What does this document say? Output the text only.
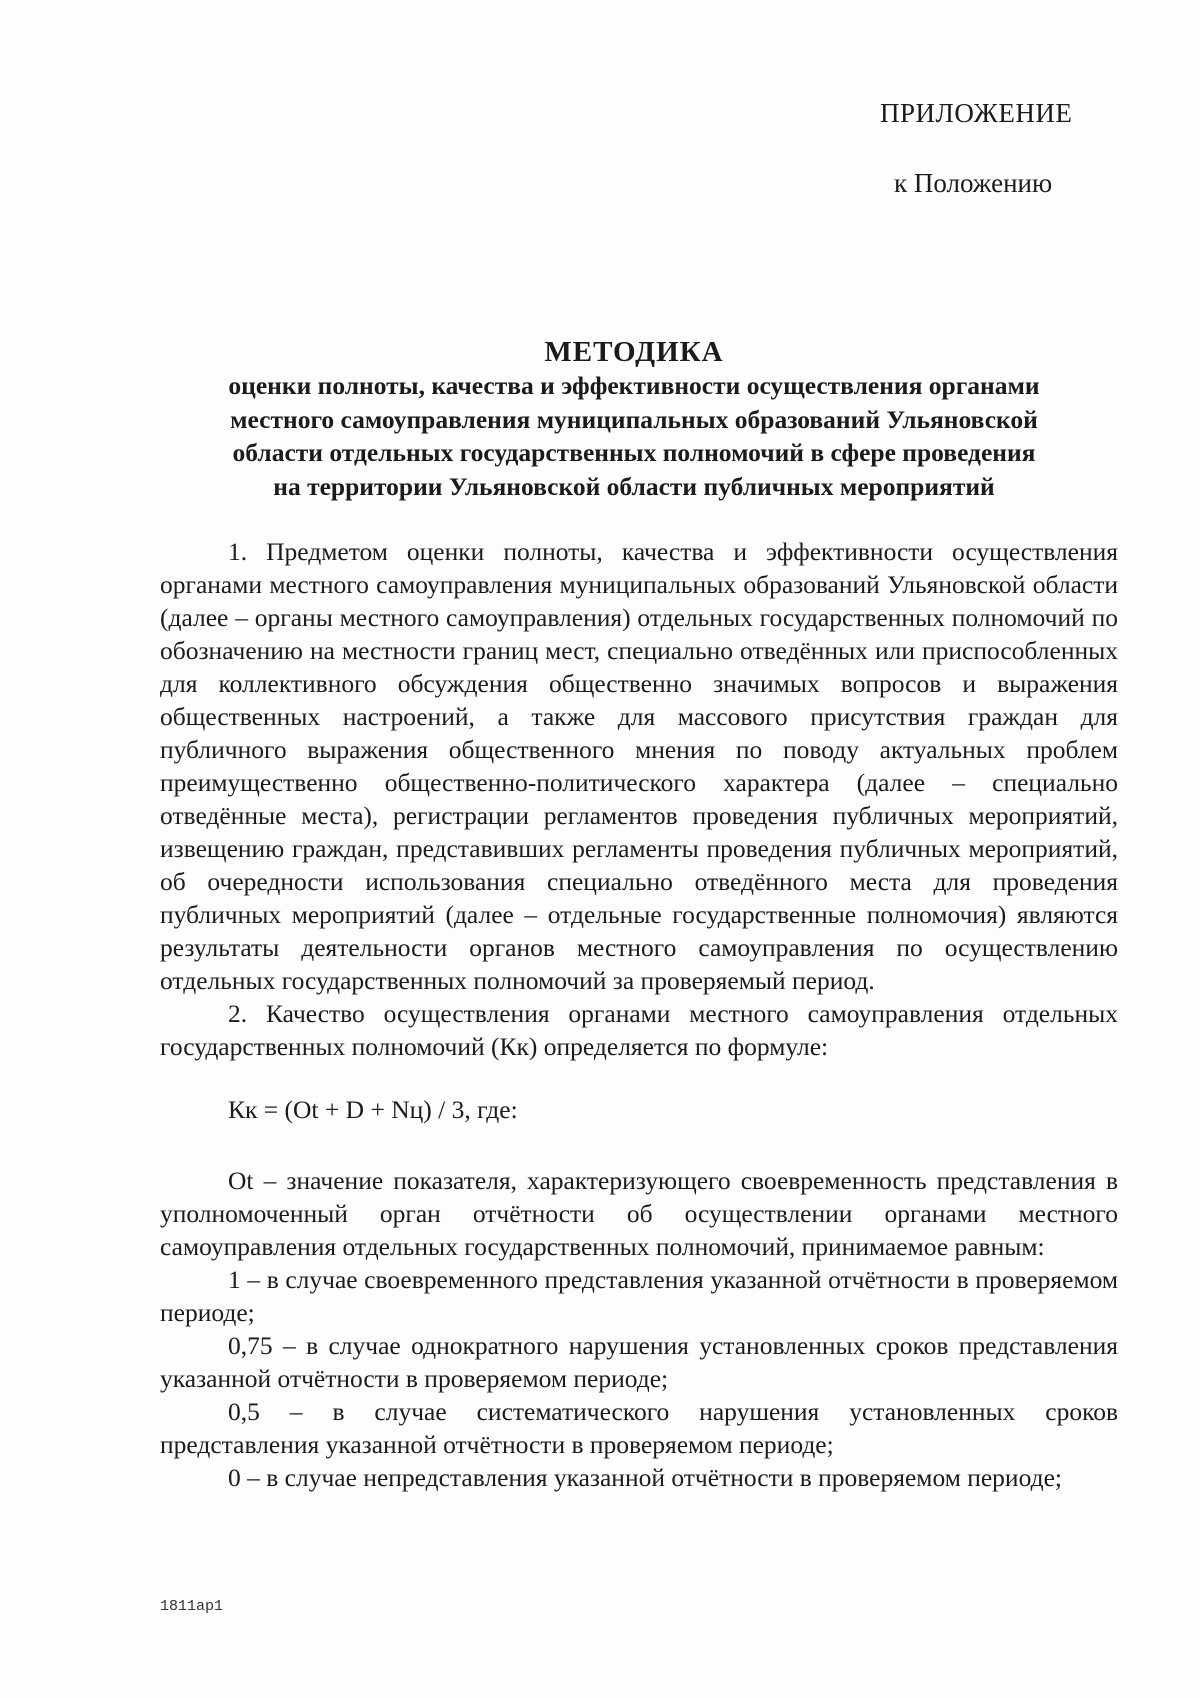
ПРИЛОЖЕНИЕ
к Положению
МЕТОДИКА
оценки полноты, качества и эффективности осуществления органами
местного самоуправления муниципальных образований Ульяновской
области отдельных государственных полномочий в сфере проведения
на территории Ульяновской области публичных мероприятий

1. Предметом оценки полноты, качества и эффективности осуществления органами местного самоуправления муниципальных образований Ульяновской области (далее – органы местного самоуправления) отдельных государственных полномочий по обозначению на местности границ мест, специально отведённых или приспособленных для коллективного обсуждения общественно значимых вопросов и выражения общественных настроений, а также для массового присутствия граждан для публичного выражения общественного мнения по поводу актуальных проблем преимущественно общественно-политического характера (далее – специально отведённые места), регистрации регламентов проведения публичных мероприятий, извещению граждан, представивших регламенты проведения публичных мероприятий, об очередности использования специально отведённого места для проведения публичных мероприятий (далее – отдельные государственные полномочия) являются результаты деятельности органов местного самоуправления по осуществлению отдельных государственных полномочий за проверяемый период.

2. Качество осуществления органами местного самоуправления отдельных государственных полномочий (Кк) определяется по формуле:

Кк = (Ot + D + Nц) / 3, где:

Ot – значение показателя, характеризующего своевременность представления в уполномоченный орган отчётности об осуществлении органами местного самоуправления отдельных государственных полномочий, принимаемое равным:

1 – в случае своевременного представления указанной отчётности в проверяемом периоде;

0,75 – в случае однократного нарушения установленных сроков представления указанной отчётности в проверяемом периоде;

0,5 – в случае систематического нарушения установленных сроков представления указанной отчётности в проверяемом периоде;

0 – в случае непредставления указанной отчётности в проверяемом периоде;

1811ap1
